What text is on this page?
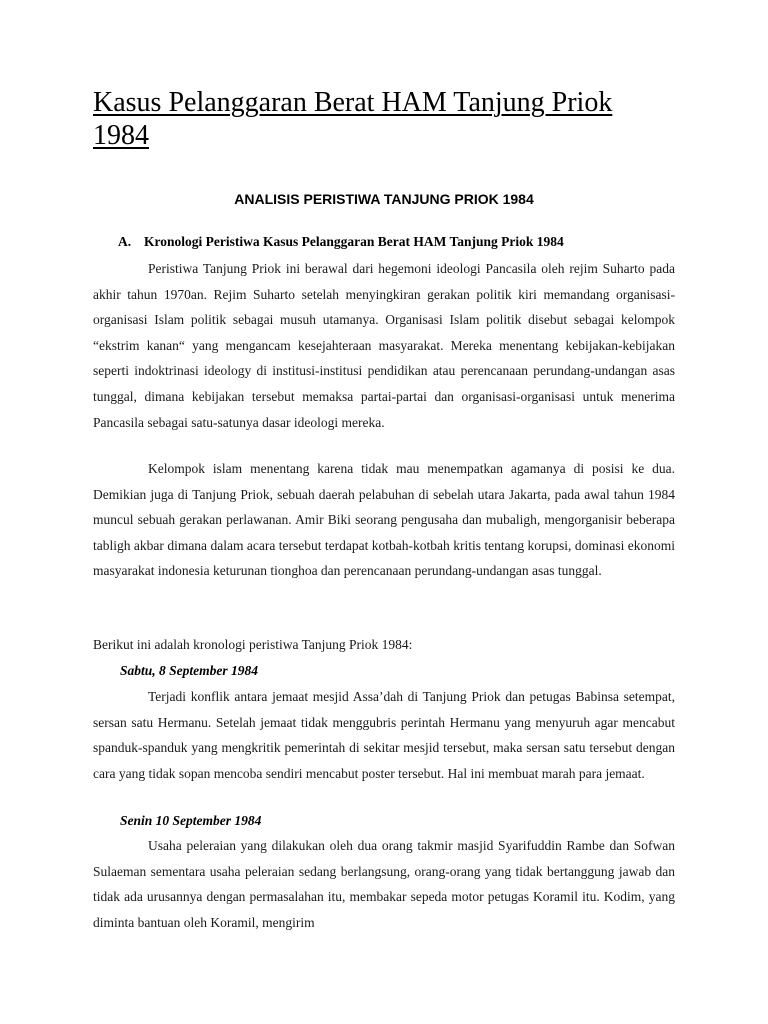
Kasus Pelanggaran Berat HAM Tanjung Priok 1984
ANALISIS PERISTIWA TANJUNG PRIOK 1984
A. Kronologi Peristiwa Kasus Pelanggaran Berat HAM Tanjung Priok 1984

Peristiwa Tanjung Priok ini berawal dari hegemoni ideologi Pancasila oleh rejim Suharto pada akhir tahun 1970an. Rejim Suharto setelah menyingkiran gerakan politik kiri memandang organisasi-organisasi Islam politik sebagai musuh utamanya. Organisasi Islam politik disebut sebagai kelompok “ekstrim kanan“ yang mengancam kesejahteraan masyarakat. Mereka menentang kebijakan-kebijakan seperti indoktrinasi ideology di institusi-institusi pendidikan atau perencanaan perundang-undangan asas tunggal, dimana kebijakan tersebut memaksa partai-partai dan organisasi-organisasi untuk menerima Pancasila sebagai satu-satunya dasar ideologi mereka.

Kelompok islam menentang karena tidak mau menempatkan agamanya di posisi ke dua. Demikian juga di Tanjung Priok, sebuah daerah pelabuhan di sebelah utara Jakarta, pada awal tahun 1984 muncul sebuah gerakan perlawanan. Amir Biki seorang pengusaha dan mubaligh, mengorganisir beberapa tabligh akbar dimana dalam acara tersebut terdapat kotbah-kotbah kritis tentang korupsi, dominasi ekonomi masyarakat indonesia keturunan tionghoa dan perencanaan perundang-undangan asas tunggal.

Berikut ini adalah kronologi peristiwa Tanjung Priok 1984:

Sabtu, 8 September 1984

Terjadi konflik antara jemaat mesjid Assa’dah di Tanjung Priok dan petugas Babinsa setempat, sersan satu Hermanu. Setelah jemaat tidak menggubris perintah Hermanu yang menyuruh agar mencabut spanduk-spanduk yang mengkritik pemerintah di sekitar mesjid tersebut, maka sersan satu tersebut dengan cara yang tidak sopan mencoba sendiri mencabut poster tersebut. Hal ini membuat marah para jemaat.

Senin 10 September 1984

Usaha peleraian yang dilakukan oleh dua orang takmir masjid Syarifuddin Rambe dan Sofwan Sulaeman sementara usaha peleraian sedang berlangsung, orang-orang yang tidak bertanggung jawab dan tidak ada urusannya dengan permasalahan itu, membakar sepeda motor petugas Koramil itu. Kodim, yang diminta bantuan oleh Koramil, mengirim
